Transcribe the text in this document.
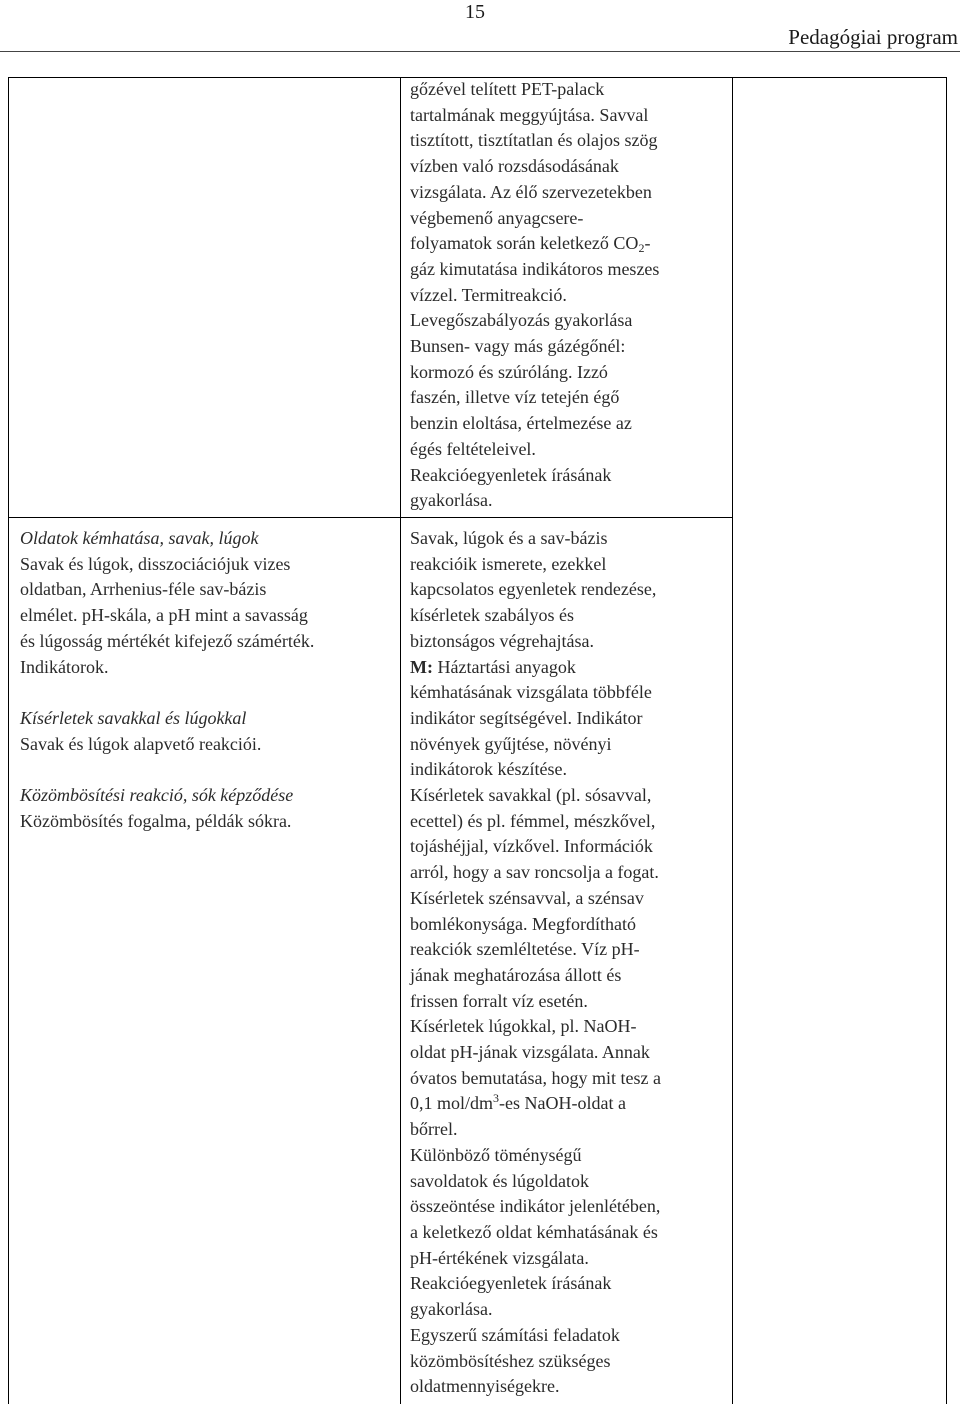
15
Pedagógiai program
gőzével telített PET-palack
tartalmának meggyújtása. Savval
tisztított, tisztítatlan és olajos szög
vízben való rozsdásodásának
vizsgálata. Az élő szervezetekben
végbemenő anyagcsere-
folyamatok során keletkező $CO_2-$
gáz kimutatása indikátoros meszes
vízzel. Termitreakció.
Levegőszabályozás gyakorlása
Bunsen- vagy más gázégőnél:
kormozó és szúróláng. Izzó
faszén, illetve víz tetején égő
benzin eloltása, értelmezése az
égés feltételeivel.
Reakcióegyenletek írásának
gyakorlása.
Oldatok kémhatása, savak, lúgok
Savak és lúgok, disszociációjuk vizes
oldatban, Arrhenius-féle sav-bázis
elmélet. pH-skála, a pH mint a savasság
és lúgosság mértékét kifejező számérték.
Indikátorok.

Kísérletek savakkal és lúgokkal
Savak és lúgok alapvető reakciói.

Közömbösítési reakció, sók képződése
Közömbösítés fogalma, példák sókra.
Savak, lúgok és a sav-bázis
reakcióik ismerete, ezekkel
kapcsolatos egyenletek rendezése,
kísérletek szabályos és
biztonságos végrehajtása.
M: Háztartási anyagok
kémhatásának vizsgálata többféle
indikátor segítségével. Indikátor
növények gyűjtése, növényi
indikátorok készítése.
Kísérletek savakkal (pl. sósavval,
ecettel) és pl. fémmel, mészkővel,
tojáshéjjal, vízkővel. Információk
arról, hogy a sav roncsolja a fogat.
Kísérletek szénsavval, a szénsav
bomlékonysága. Megfordítható
reakciók szemléltetése. Víz pH-
jának meghatározása állott és
frissen forralt víz esetén.
Kísérletek lúgokkal, pl. NaOH-
oldat pH-jának vizsgálata. Annak
óvatos bemutatása, hogy mit tesz a
0,1 mol/$dm^3-es$ NaOH-oldat a
bőrrel.
Különböző töménységű
savoldatok és lúgoldatok
összeöntése indikátor jelenlétében,
a keletkező oldat kémhatásának és
pH-értékének vizsgálata.
Reakcióegyenletek írásának
gyakorlása.
Egyszerű számítási feladatok
közömbösítéshez szükséges
oldatmennyiségekre.
